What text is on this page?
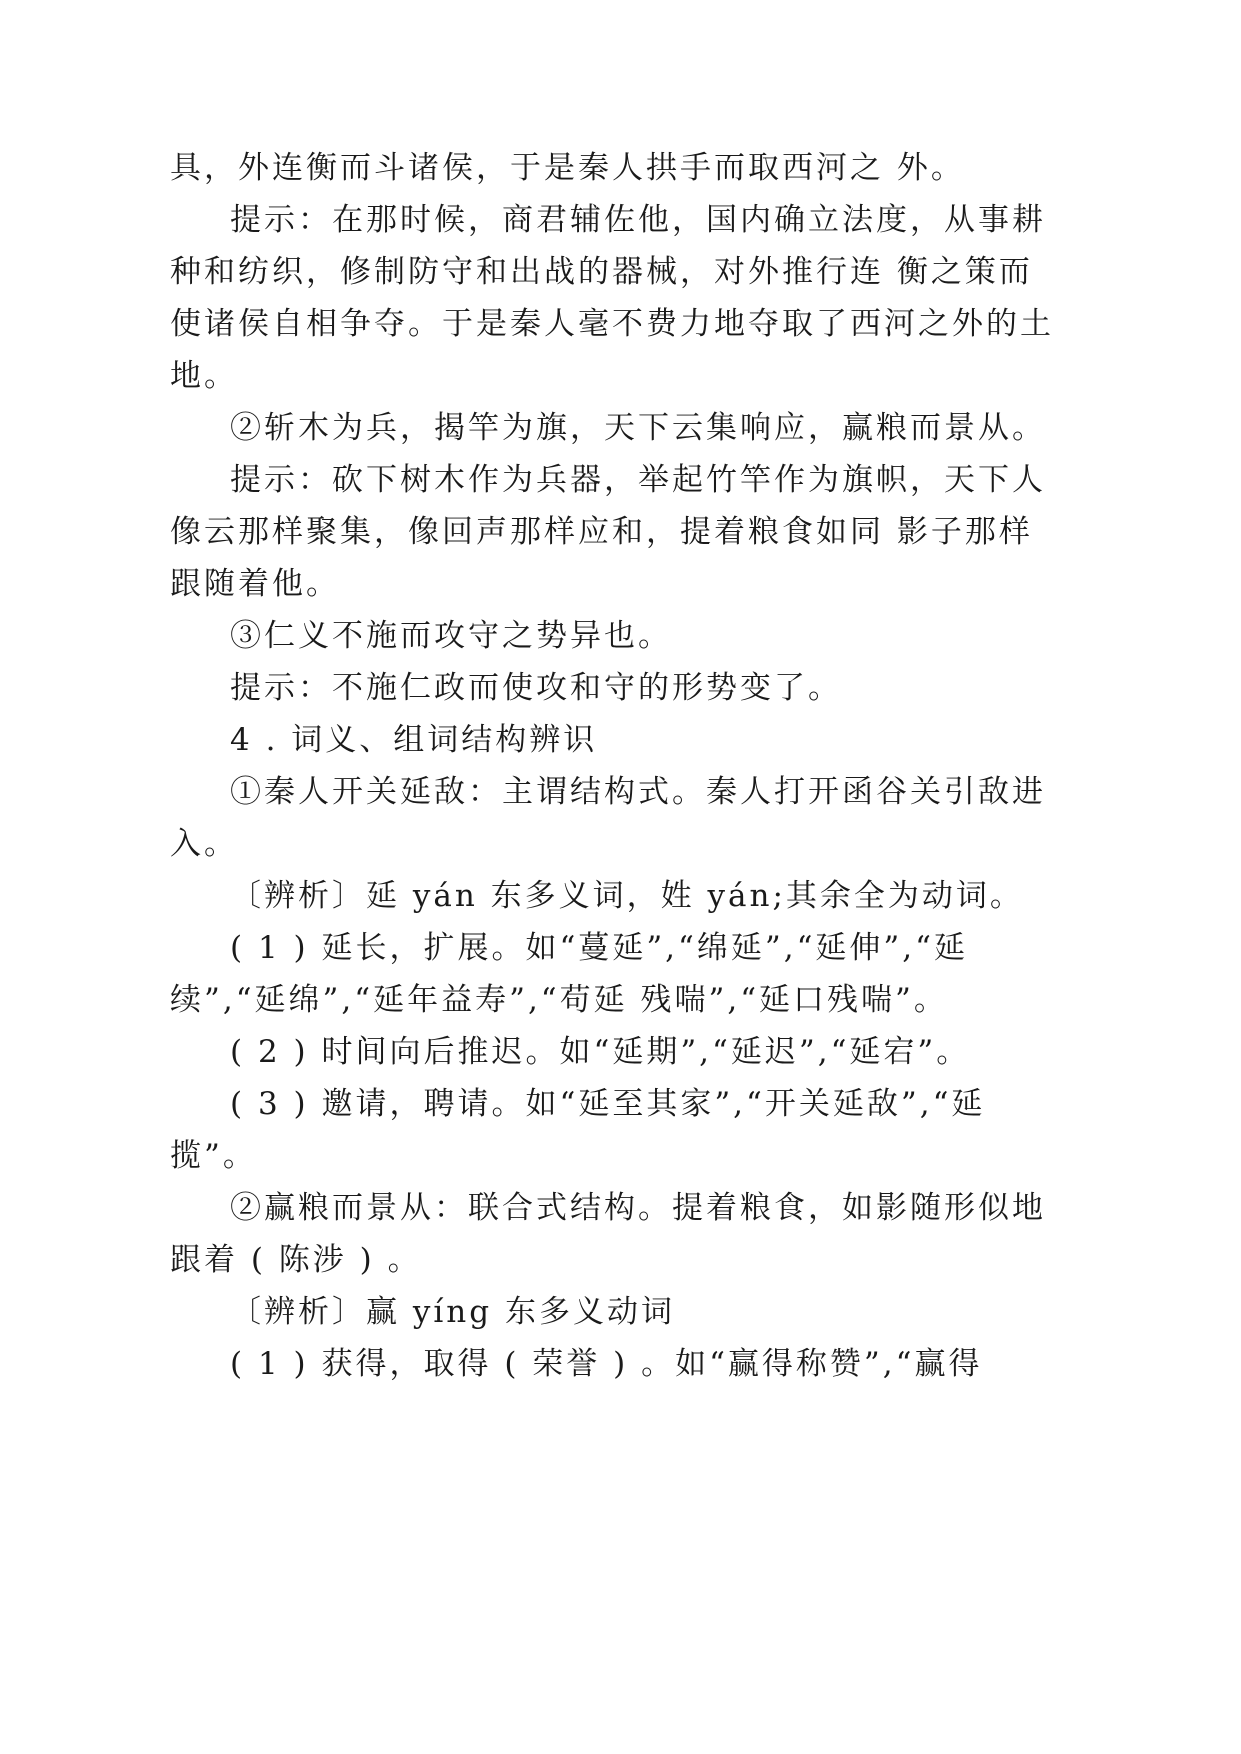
具，外连衡而斗诸侯，于是秦人拱手而取西河之 外。
提示：在那时候，商君辅佐他，国内确立法度，从事耕
种和纺织，修制防守和出战的器械，对外推行连 衡之策而
使诸侯自相争夺。于是秦人毫不费力地夺取了西河之外的土
地。
②斩木为兵，揭竿为旗，天下云集响应，赢粮而景从。
提示：砍下树木作为兵器，举起竹竿作为旗帜，天下人
像云那样聚集，像回声那样应和，提着粮食如同 影子那样
跟随着他。
③仁义不施而攻守之势异也。
提示：不施仁政而使攻和守的形势变了。
4 . 词义、组词结构辨识
①秦人开关延敌：主谓结构式。秦人打开函谷关引敌进
入。
〔辨析〕延 yán 东多义词，姓 yán;其余全为动词。
( 1 ) 延长，扩展。如“蔓延”,“绵延”,“延伸”,“延
续”,“延绵”,“延年益寿”,“苟延 残喘”,“延口残喘”。
( 2 ) 时间向后推迟。如“延期”,“延迟”,“延宕”。
( 3 ) 邀请，聘请。如“延至其家”,“开关延敌”,“延
揽”。
②赢粮而景从：联合式结构。提着粮食，如影随形似地
跟着 ( 陈涉 ) 。
〔辨析〕赢 yíng 东多义动词
( 1 ) 获得，取得 ( 荣誉 ) 。如“赢得称赞”,“赢得
